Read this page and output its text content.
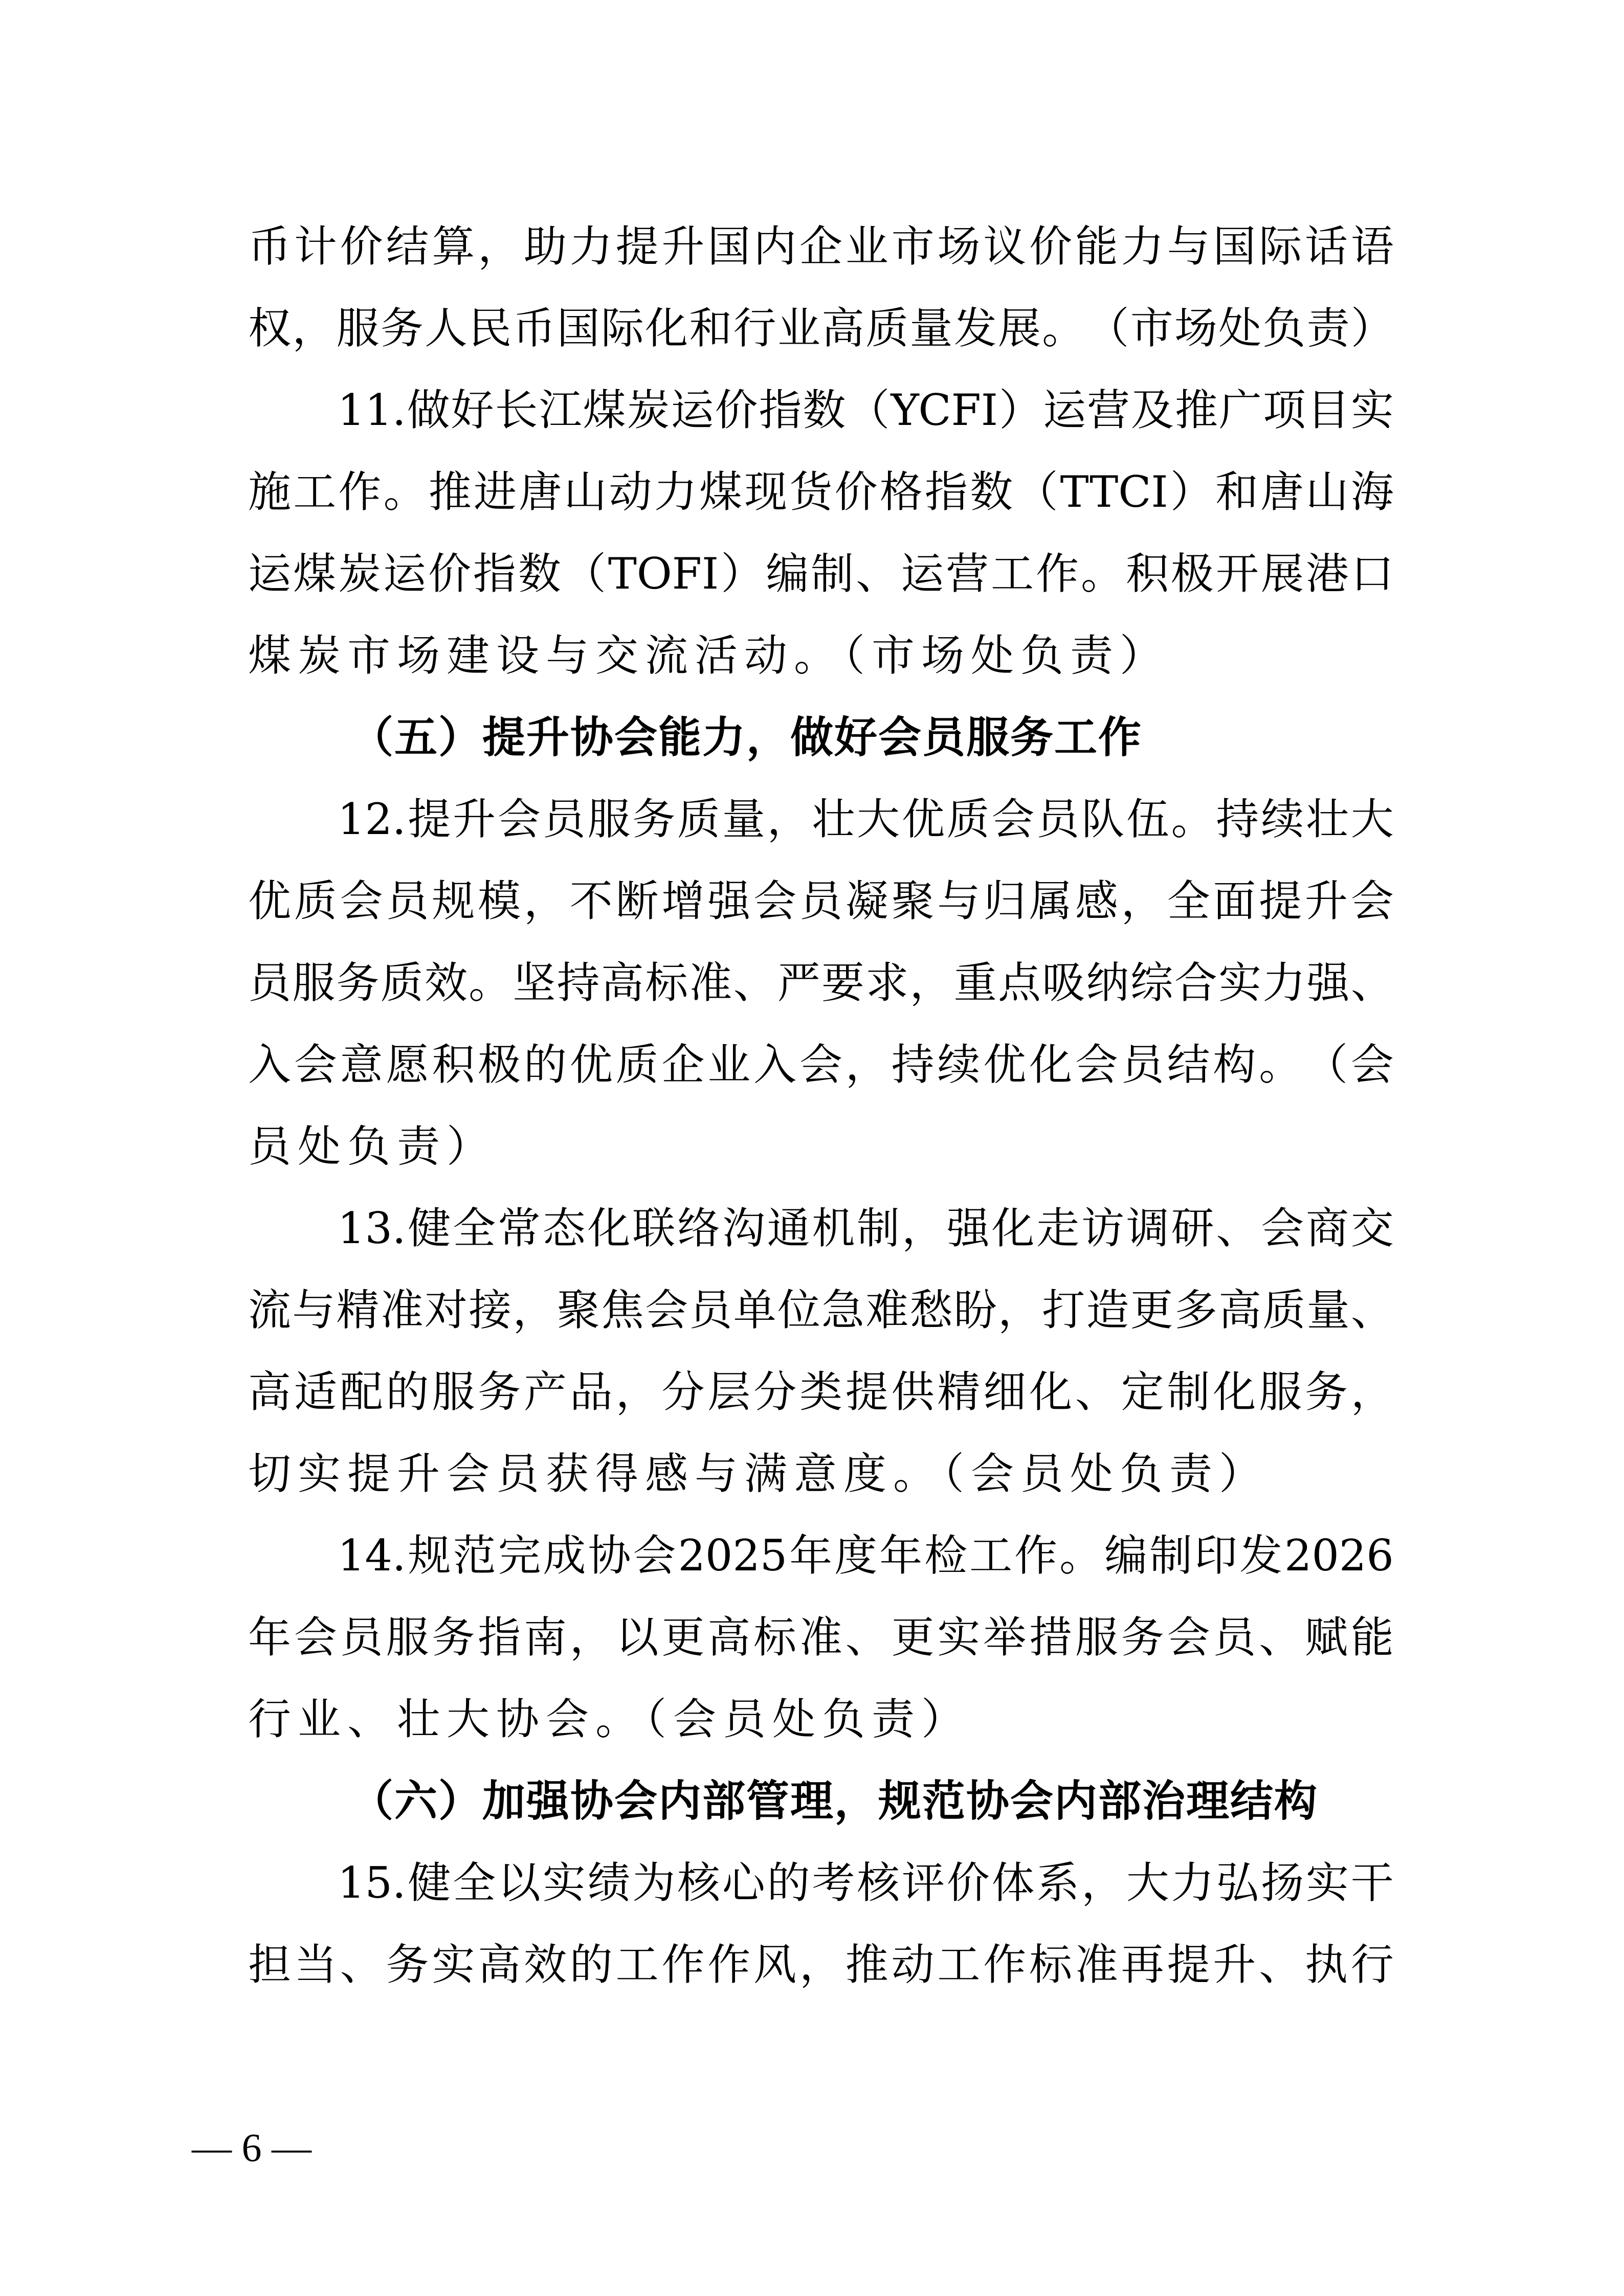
币 计 价 结 算 ， 助 力 提 升 国 内 企 业 市 场 议 价 能 力 与 国 际 话 语
权 ， 服 务 人 民 币 国 际 化 和 行 业 高 质 量 发 展 。 （ 市 场 处 负 责 ）
11. 做 好 长 江 煤 炭 运 价 指 数 （ YCFI ） 运 营 及 推 广 项 目 实
施 工 作 。 推 进 唐 山 动 力 煤 现 货 价 格 指 数 （ TTCI ） 和 唐 山 海
运 煤 炭 运 价 指 数 （ TOFI ） 编 制 、 运 营 工 作 。 积 极 开 展 港 口
煤炭市场建设与交流活动。（市场处负责）
（五）提升协会能力，做好会员服务工作
12. 提 升 会 员 服 务 质 量 ， 壮 大 优 质 会 员 队 伍 。 持 续 壮 大
优 质 会 员 规 模 ， 不 断 增 强 会 员 凝 聚 与 归 属 感 ， 全 面 提 升 会
员 服 务 质 效 。 坚 持 高 标 准 、 严 要 求 ， 重 点 吸 纳 综 合 实 力 强 、
入 会 意 愿 积 极 的 优 质 企 业 入 会 ， 持 续 优 化 会 员 结 构 。 （ 会
员处负责）
13. 健 全 常 态 化 联 络 沟 通 机 制 ， 强 化 走 访 调 研 、 会 商 交
流 与 精 准 对 接 ， 聚 焦 会 员 单 位 急 难 愁 盼 ， 打 造 更 多 高 质 量 、
高 适 配 的 服 务 产 品 ， 分 层 分 类 提 供 精 细 化 、 定 制 化 服 务 ，
切实提升会员获得感与满意度。（会员处负责）
14. 规 范 完 成 协 会 2025 年 度 年 检 工 作 。 编 制 印 发 2026
年 会 员 服 务 指 南 ， 以 更 高 标 准 、 更 实 举 措 服 务 会 员 、 赋 能
行业、壮大协会。（会员处负责）
（六）加强协会内部管理，规范协会内部治理结构
15. 健 全 以 实 绩 为 核 心 的 考 核 评 价 体 系 ， 大 力 弘 扬 实 干
担 当 、 务 实 高 效 的 工 作 作 风 ， 推 动 工 作 标 准 再 提 升 、 执 行
— 6 —
